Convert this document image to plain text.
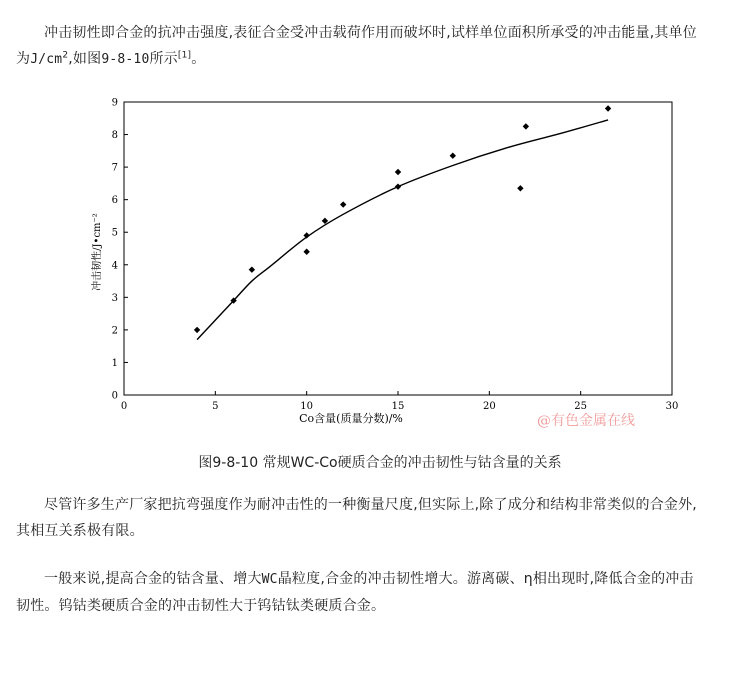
冲击韧性即合金的抗冲击强度,表征合金受冲击载荷作用而破坏时,试样单位面积所承受的冲击能量,其单位为$J/cm^2$,如图9-8-10所示[1]。

0	5	10	15	20	25	30
0
1
2
3
4
5
6
7
8
9
Co含量(质量分数)/%
冲击韧性/J•cm⁻²
@有色金属在线

图9-8-10 常规WC-Co硬质合金的冲击韧性与钴含量的关系

尽管许多生产厂家把抗弯强度作为耐冲击性的一种衡量尺度,但实际上,除了成分和结构非常类似的合金外,其相互关系极有限。

一般来说,提高合金的钴含量、增大WC晶粒度,合金的冲击韧性增大。游离碳、η相出现时,降低合金的冲击韧性。钨钴类硬质合金的冲击韧性大于钨钴钛类硬质合金。
